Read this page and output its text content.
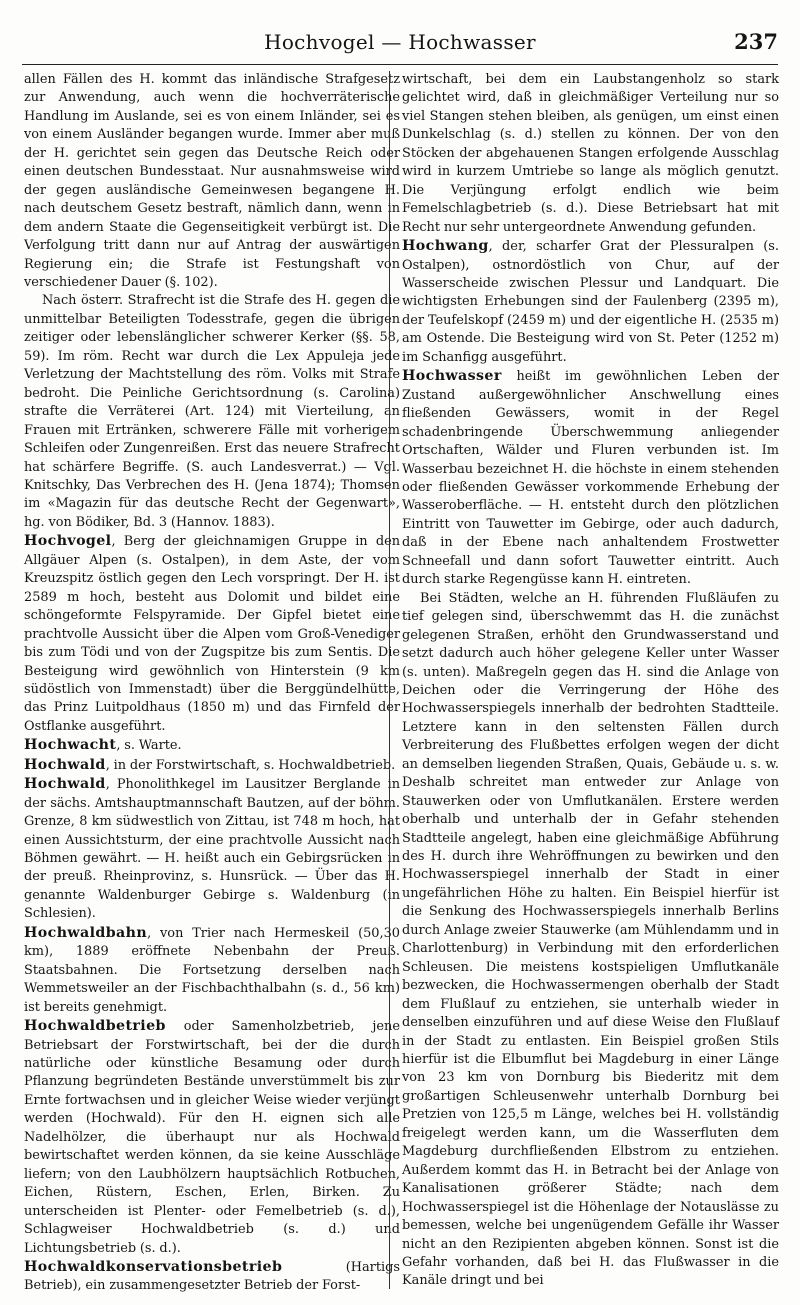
Hochvogel — Hochwasser	237

allen Fällen des H. kommt das inländische Strafgesetz zur Anwendung, auch wenn die hochverräterische Handlung im Auslande, sei es von einem Inländer, sei es von einem Ausländer begangen wurde. Immer aber muß der H. gerichtet sein gegen das Deutsche Reich oder einen deutschen Bundesstaat. Nur ausnahmsweise wird der gegen ausländische Gemeinwesen begangene H. nach deutschem Gesetz bestraft, nämlich dann, wenn in dem andern Staate die Gegenseitigkeit verbürgt ist. Die Verfolgung tritt dann nur auf Antrag der auswärtigen Regierung ein; die Strafe ist Festungshaft von verschiedener Dauer (§. 102).

Nach österr. Strafrecht ist die Strafe des H. gegen die unmittelbar Beteiligten Todesstrafe, gegen die übrigen zeitiger oder lebenslänglicher schwerer Kerker (§§. 58, 59). Im röm. Recht war durch die Lex Appuleja jede Verletzung der Machtstellung des röm. Volks mit Strafe bedroht. Die Peinliche Gerichtsordnung (s. Carolina) strafte die Verräterei (Art. 124) mit Vierteilung, an Frauen mit Ertränken, schwerere Fälle mit vorherigem Schleifen oder Zungenreißen. Erst das neuere Strafrecht hat schärfere Begriffe. (S. auch Landesverrat.) — Vgl. Knitschky, Das Verbrechen des H. (Jena 1874); Thomsen im «Magazin für das deutsche Recht der Gegenwart», hg. von Bödiker, Bd. 3 (Hannov. 1883).

Hochvogel, Berg der gleichnamigen Gruppe in den Allgäuer Alpen (s. Ostalpen), in dem Aste, der vom Kreuzspitz östlich gegen den Lech vorspringt. Der H. ist 2589 m hoch, besteht aus Dolomit und bildet eine schöngeformte Felspyramide. Der Gipfel bietet eine prachtvolle Aussicht über die Alpen vom Groß-Venediger bis zum Tödi und von der Zugspitze bis zum Sentis. Die Besteigung wird gewöhnlich von Hinterstein (9 km südöstlich von Immenstadt) über die Berggündelhütte, das Prinz Luitpoldhaus (1850 m) und das Firnfeld der Ostflanke ausgeführt.

Hochwacht, s. Warte.

Hochwald, in der Forstwirtschaft, s. Hochwaldbetrieb.

Hochwald, Phonolithkegel im Lausitzer Berglande in der sächs. Amtshauptmannschaft Bautzen, auf der böhm. Grenze, 8 km südwestlich von Zittau, ist 748 m hoch, hat einen Aussichtsturm, der eine prachtvolle Aussicht nach Böhmen gewährt. — H. heißt auch ein Gebirgsrücken in der preuß. Rheinprovinz, s. Hunsrück. — Über das H. genannte Waldenburger Gebirge s. Waldenburg (in Schlesien).

Hochwaldbahn, von Trier nach Hermeskeil (50,30 km), 1889 eröffnete Nebenbahn der Preuß. Staatsbahnen. Die Fortsetzung derselben nach Wemmetsweiler an der Fischbachthalbahn (s. d., 56 km) ist bereits genehmigt.

Hochwaldbetrieb oder Samenholzbetrieb, jene Betriebsart der Forstwirtschaft, bei der die durch natürliche oder künstliche Besamung oder durch Pflanzung begründeten Bestände unverstümmelt bis zur Ernte fortwachsen und in gleicher Weise wieder verjüngt werden (Hochwald). Für den H. eignen sich alle Nadelhölzer, die überhaupt nur als Hochwald bewirtschaftet werden können, da sie keine Ausschläge liefern; von den Laubhölzern hauptsächlich Rotbuchen, Eichen, Rüstern, Eschen, Erlen, Birken. Zu unterscheiden ist Plenter- oder Femelbetrieb (s. d.), Schlagweiser Hochwaldbetrieb (s. d.) und Lichtungsbetrieb (s. d.).

Hochwaldkonservationsbetrieb (Hartigs Betrieb), ein zusammengesetzter Betrieb der Forst-

wirtschaft, bei dem ein Laubstangenholz so stark gelichtet wird, daß in gleichmäßiger Verteilung nur so viel Stangen stehen bleiben, als genügen, um einst einen Dunkelschlag (s. d.) stellen zu können. Der von den Stöcken der abgehauenen Stangen erfolgende Ausschlag wird in kurzem Umtriebe so lange als möglich genutzt. Die Verjüngung erfolgt endlich wie beim Femelschlagbetrieb (s. d.). Diese Betriebsart hat mit Recht nur sehr untergeordnete Anwendung gefunden.

Hochwang, der, scharfer Grat der Plessuralpen (s. Ostalpen), ostnordöstlich von Chur, auf der Wasserscheide zwischen Plessur und Landquart. Die wichtigsten Erhebungen sind der Faulenberg (2395 m), der Teufelskopf (2459 m) und der eigentliche H. (2535 m) am Ostende. Die Besteigung wird von St. Peter (1252 m) im Schanfigg ausgeführt.

Hochwasser heißt im gewöhnlichen Leben der Zustand außergewöhnlicher Anschwellung eines fließenden Gewässers, womit in der Regel schadenbringende Überschwemmung anliegender Ortschaften, Wälder und Fluren verbunden ist. Im Wasserbau bezeichnet H. die höchste in einem stehenden oder fließenden Gewässer vorkommende Erhebung der Wasseroberfläche. — H. entsteht durch den plötzlichen Eintritt von Tauwetter im Gebirge, oder auch dadurch, daß in der Ebene nach anhaltendem Frostwetter Schneefall und dann sofort Tauwetter eintritt. Auch durch starke Regengüsse kann H. eintreten.

Bei Städten, welche an H. führenden Flußläufen zu tief gelegen sind, überschwemmt das H. die zunächst gelegenen Straßen, erhöht den Grundwasserstand und setzt dadurch auch höher gelegene Keller unter Wasser (s. unten). Maßregeln gegen das H. sind die Anlage von Deichen oder die Verringerung der Höhe des Hochwasserspiegels innerhalb der bedrohten Stadtteile. Letztere kann in den seltensten Fällen durch Verbreiterung des Flußbettes erfolgen wegen der dicht an demselben liegenden Straßen, Quais, Gebäude u. s. w. Deshalb schreitet man entweder zur Anlage von Stauwerken oder von Umflutkanälen. Erstere werden oberhalb und unterhalb der in Gefahr stehenden Stadtteile angelegt, haben eine gleichmäßige Abführung des H. durch ihre Wehröffnungen zu bewirken und den Hochwasserspiegel innerhalb der Stadt in einer ungefährlichen Höhe zu halten. Ein Beispiel hierfür ist die Senkung des Hochwasserspiegels innerhalb Berlins durch Anlage zweier Stauwerke (am Mühlendamm und in Charlottenburg) in Verbindung mit den erforderlichen Schleusen. Die meistens kostspieligen Umflutkanäle bezwecken, die Hochwassermengen oberhalb der Stadt dem Flußlauf zu entziehen, sie unterhalb wieder in denselben einzuführen und auf diese Weise den Flußlauf in der Stadt zu entlasten. Ein Beispiel großen Stils hierfür ist die Elbumflut bei Magdeburg in einer Länge von 23 km von Dornburg bis Biederitz mit dem großartigen Schleusenwehr unterhalb Dornburg bei Pretzien von 125,5 m Länge, welches bei H. vollständig freigelegt werden kann, um die Wasserfluten dem Magdeburg durchfließenden Elbstrom zu entziehen. Außerdem kommt das H. in Betracht bei der Anlage von Kanalisationen größerer Städte; nach dem Hochwasserspiegel ist die Höhenlage der Notauslässe zu bemessen, welche bei ungenügendem Gefälle ihr Wasser nicht an den Rezipienten abgeben können. Sonst ist die Gefahr vorhanden, daß bei H. das Flußwasser in die Kanäle dringt und bei
